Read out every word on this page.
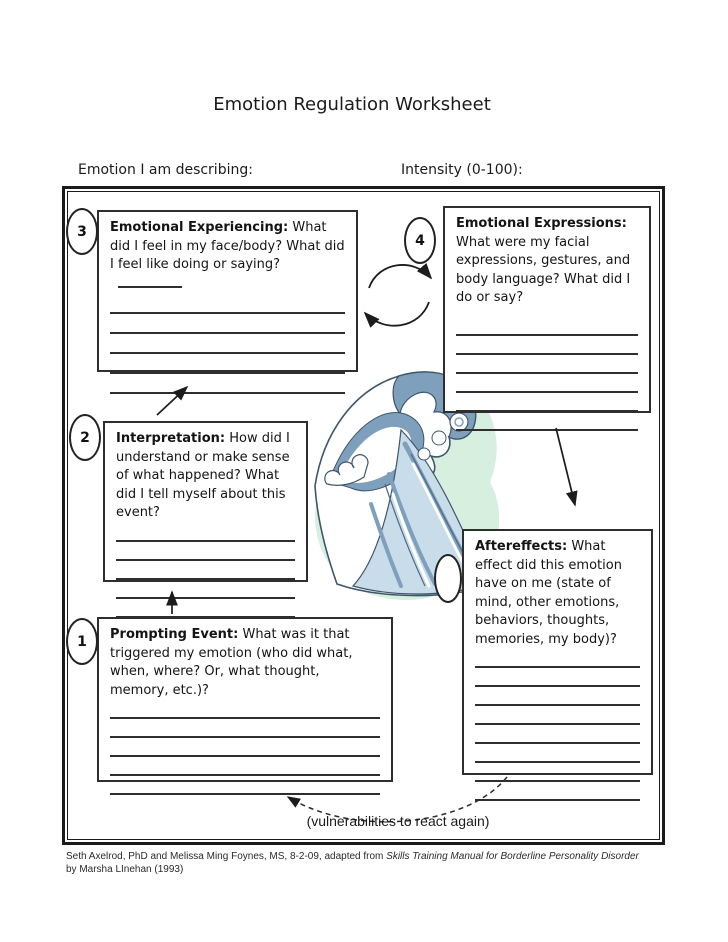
Emotion Regulation Worksheet
Emotion I am describing:	Intensity (0-100):

Emotional Experiencing: What did I feel in my face/body? What did I feel like doing or saying?

Emotional Expressions: What were my facial expressions, gestures, and body language? What did I do or say?

Interpretation: How did I understand or make sense of what happened? What did I tell myself about this event?

Prompting Event: What was it that triggered my emotion (who did what, when, where? Or, what thought, memory, etc.)?

Aftereffects: What effect did this emotion have on me (state of mind, other emotions, behaviors, thoughts, memories, my body)?

3
4
2
1
(vulnerabilities to react again)
Seth Axelrod, PhD and Melissa Ming Foynes, MS, 8-2-09, adapted from Skills Training Manual for Borderline Personality Disorder
by Marsha LInehan (1993)
